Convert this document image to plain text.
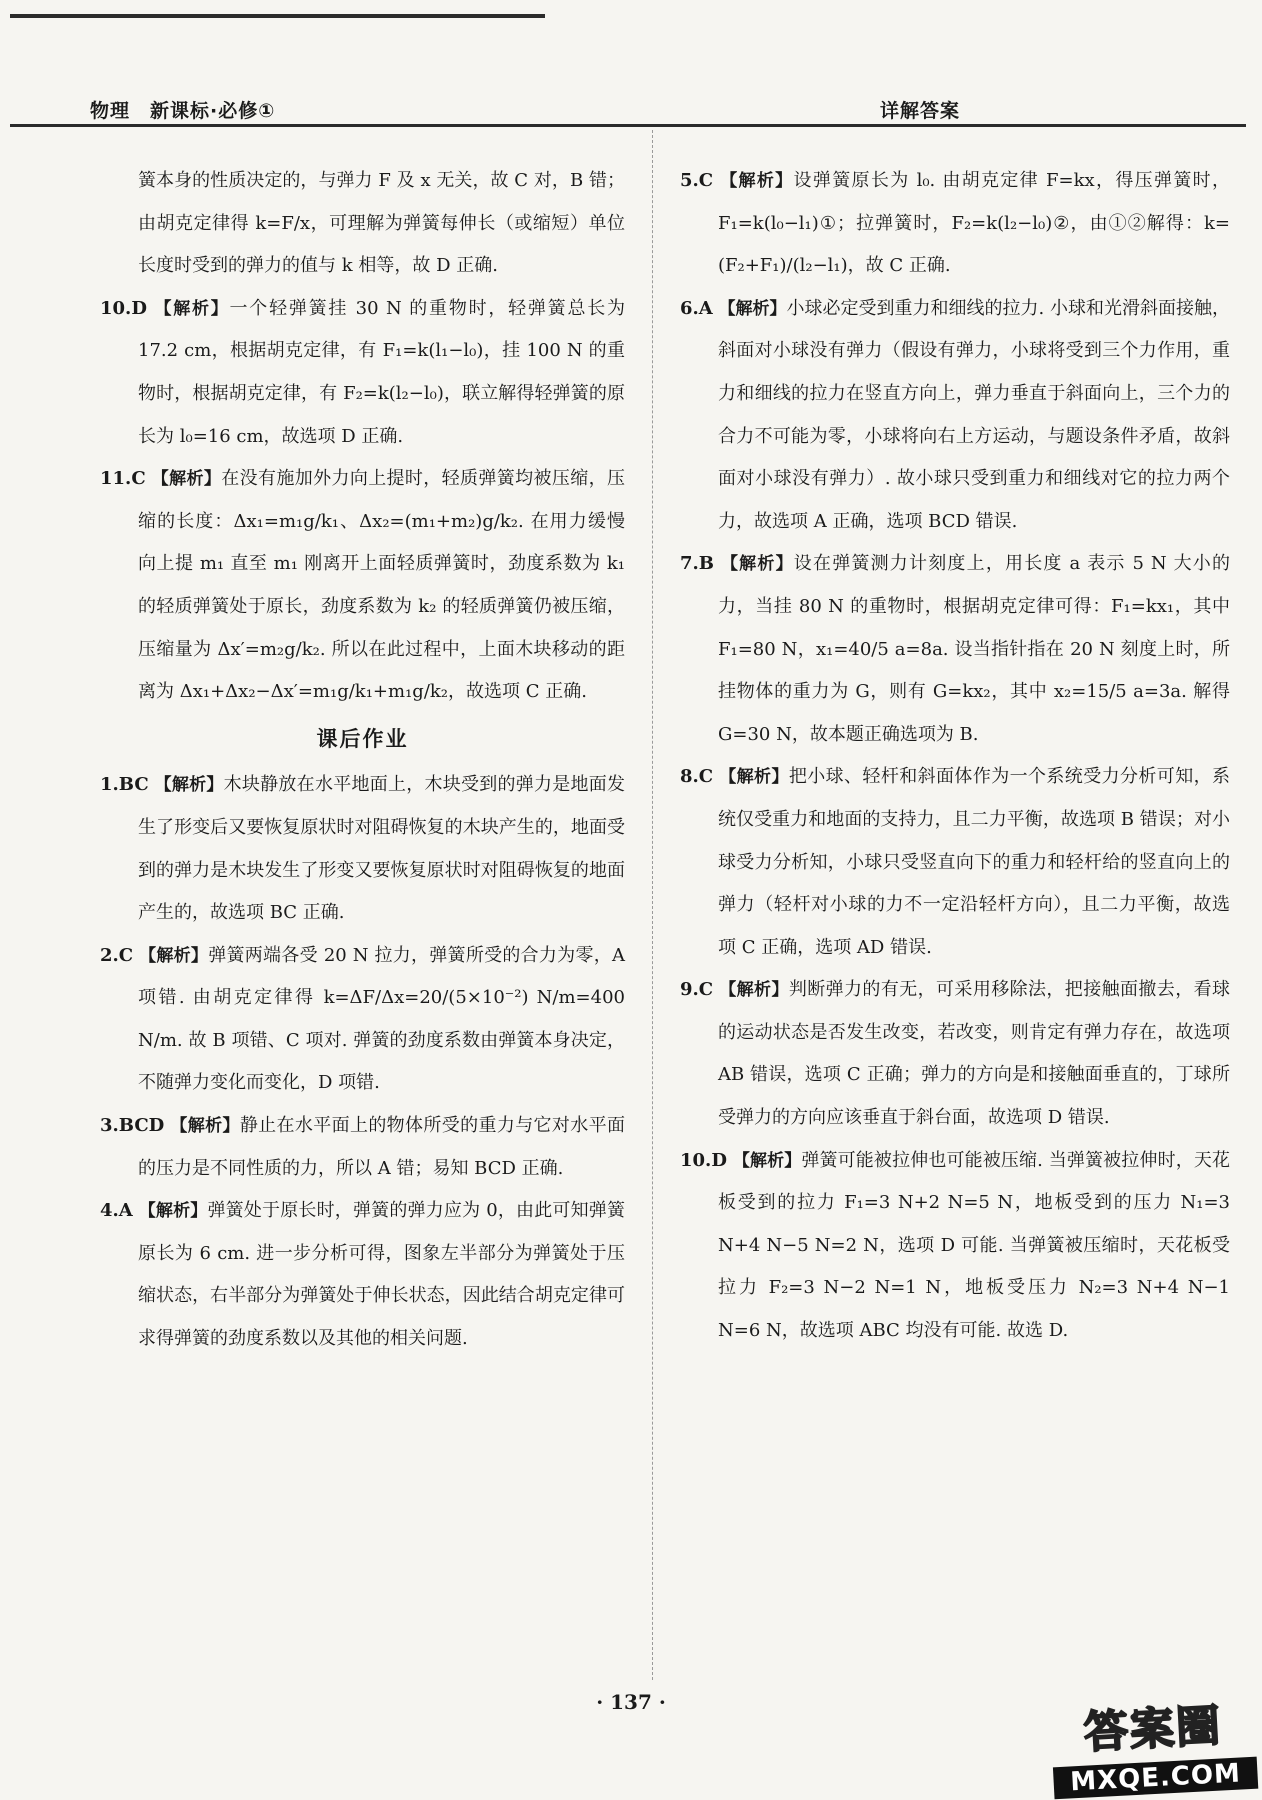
物理　新课标·必修①	详解答案

簧本身的性质决定的，与弹力 F 及 x 无关，故 C 对，B 错；由胡克定律得 k=F/x，可理解为弹簧每伸长（或缩短）单位长度时受到的弹力的值与 k 相等，故 D 正确.

10.D 【解析】一个轻弹簧挂 30 N 的重物时，轻弹簧总长为 17.2 cm，根据胡克定律，有 F₁=k(l₁−l₀)，挂 100 N 的重物时，根据胡克定律，有 F₂=k(l₂−l₀)，联立解得轻弹簧的原长为 l₀=16 cm，故选项 D 正确.

11.C 【解析】在没有施加外力向上提时，轻质弹簧均被压缩，压缩的长度：Δx₁=m₁g/k₁、Δx₂=(m₁+m₂)g/k₂. 在用力缓慢向上提 m₁ 直至 m₁ 刚离开上面轻质弹簧时，劲度系数为 k₁ 的轻质弹簧处于原长，劲度系数为 k₂ 的轻质弹簧仍被压缩，压缩量为 Δx′=m₂g/k₂. 所以在此过程中，上面木块移动的距离为 Δx₁+Δx₂−Δx′=m₁g/k₁+m₁g/k₂，故选项 C 正确.

课后作业

1.BC 【解析】木块静放在水平地面上，木块受到的弹力是地面发生了形变后又要恢复原状时对阻碍恢复的木块产生的，地面受到的弹力是木块发生了形变又要恢复原状时对阻碍恢复的地面产生的，故选项 BC 正确.

2.C 【解析】弹簧两端各受 20 N 拉力，弹簧所受的合力为零，A 项错. 由胡克定律得 k=ΔF/Δx=20/(5×10⁻²) N/m=400 N/m. 故 B 项错、C 项对. 弹簧的劲度系数由弹簧本身决定，不随弹力变化而变化，D 项错.

3.BCD 【解析】静止在水平面上的物体所受的重力与它对水平面的压力是不同性质的力，所以 A 错；易知 BCD 正确.

4.A 【解析】弹簧处于原长时，弹簧的弹力应为 0，由此可知弹簧原长为 6 cm. 进一步分析可得，图象左半部分为弹簧处于压缩状态，右半部分为弹簧处于伸长状态，因此结合胡克定律可求得弹簧的劲度系数以及其他的相关问题.

5.C 【解析】设弹簧原长为 l₀. 由胡克定律 F=kx，得压弹簧时，F₁=k(l₀−l₁)①；拉弹簧时，F₂=k(l₂−l₀)②，由①②解得：k=(F₂+F₁)/(l₂−l₁)，故 C 正确.

6.A 【解析】小球必定受到重力和细线的拉力. 小球和光滑斜面接触，斜面对小球没有弹力（假设有弹力，小球将受到三个力作用，重力和细线的拉力在竖直方向上，弹力垂直于斜面向上，三个力的合力不可能为零，小球将向右上方运动，与题设条件矛盾，故斜面对小球没有弹力）. 故小球只受到重力和细线对它的拉力两个力，故选项 A 正确，选项 BCD 错误.

7.B 【解析】设在弹簧测力计刻度上，用长度 a 表示 5 N 大小的力，当挂 80 N 的重物时，根据胡克定律可得：F₁=kx₁，其中F₁=80 N，x₁=40/5 a=8a. 设当指针指在 20 N 刻度上时，所挂物体的重力为 G，则有 G=kx₂，其中 x₂=15/5 a=3a. 解得 G=30 N，故本题正确选项为 B.

8.C 【解析】把小球、轻杆和斜面体作为一个系统受力分析可知，系统仅受重力和地面的支持力，且二力平衡，故选项 B 错误；对小球受力分析知，小球只受竖直向下的重力和轻杆给的竖直向上的弹力（轻杆对小球的力不一定沿轻杆方向），且二力平衡，故选项 C 正确，选项 AD 错误.

9.C 【解析】判断弹力的有无，可采用移除法，把接触面撤去，看球的运动状态是否发生改变，若改变，则肯定有弹力存在，故选项 AB 错误，选项 C 正确；弹力的方向是和接触面垂直的，丁球所受弹力的方向应该垂直于斜台面，故选项 D 错误.

10.D 【解析】弹簧可能被拉伸也可能被压缩. 当弹簧被拉伸时，天花板受到的拉力 F₁=3 N+2 N=5 N，地板受到的压力 N₁=3 N+4 N−5 N=2 N，选项 D 可能. 当弹簧被压缩时，天花板受拉力 F₂=3 N−2 N=1 N，地板受压力 N₂=3 N+4 N−1 N=6 N，故选项 ABC 均没有可能. 故选 D.

· 137 ·	答案圈
MXQE.COM
